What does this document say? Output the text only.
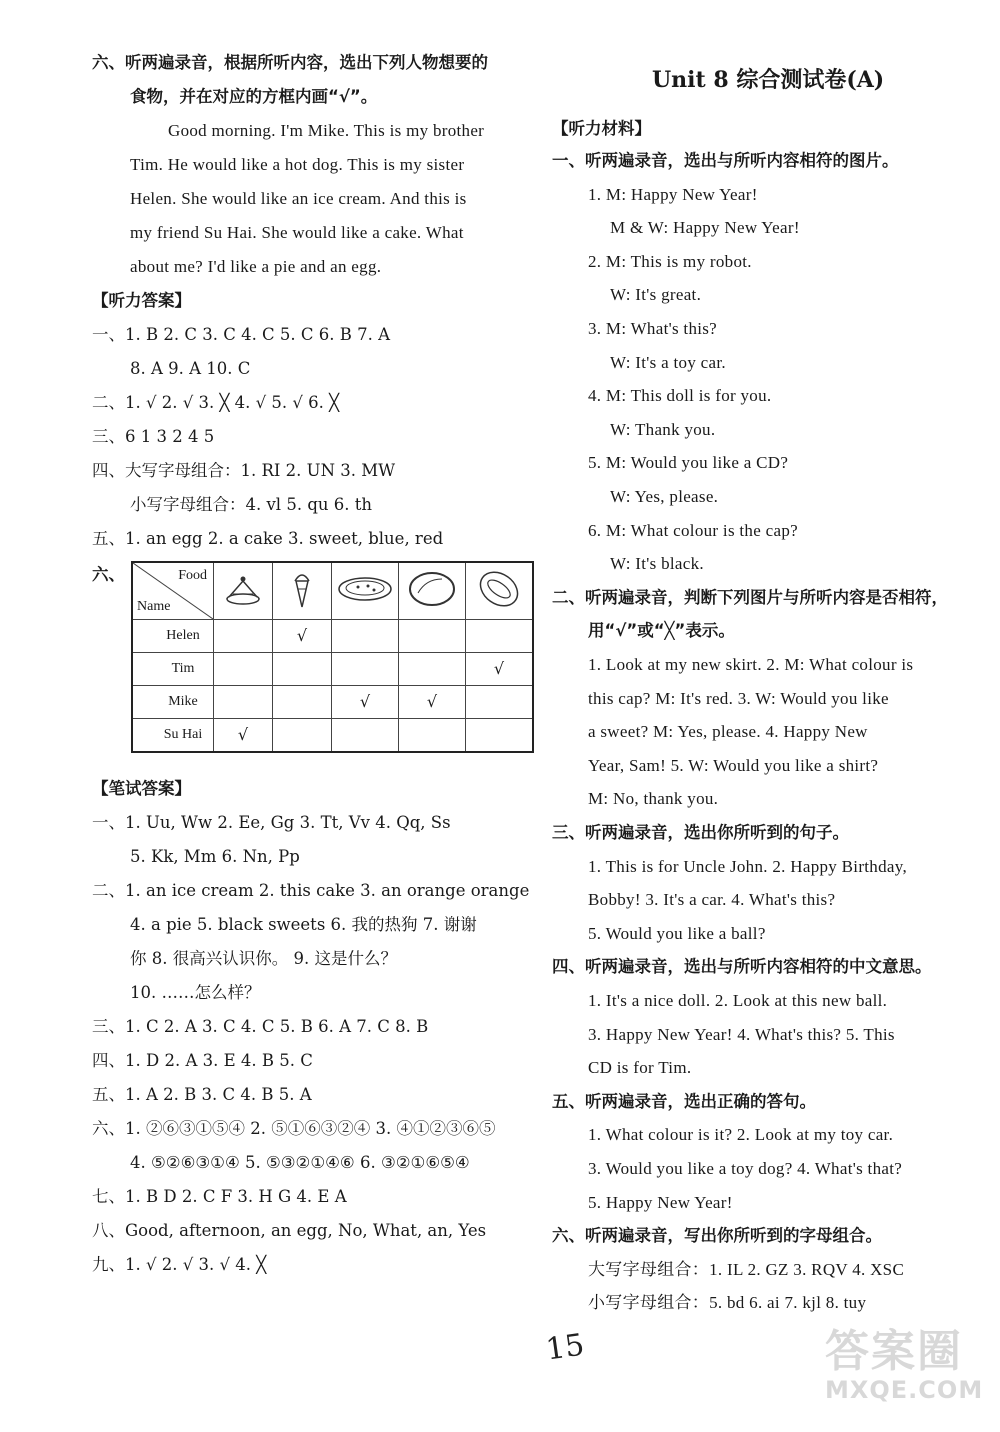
六、听两遍录音，根据所听内容，选出下列人物想要的
食物，并在对应的方框内画“√”。
Good morning. I'm Mike. This is my brother
Tim. He would like a hot dog. This is my sister
Helen. She would like an ice cream. And this is
my friend Su Hai. She would like a cake. What
about me? I'd like a pie and an egg.
【听力答案】
一、1. B 2. C 3. C 4. C 5. C 6. B 7. A
8. A 9. A 10. C
二、1. √ 2. √ 3. ╳ 4. √ 5. √ 6. ╳
三、6 1 3 2 4 5
四、大写字母组合：1. RI 2. UN 3. MW
小写字母组合：4. vl 5. qu 6. th
五、1. an egg 2. a cake 3. sweet, blue, red
【笔试答案】
一、1. Uu, Ww 2. Ee, Gg 3. Tt, Vv 4. Qq, Ss
5. Kk, Mm 6. Nn, Pp
二、1. an ice cream 2. this cake 3. an orange orange
4. a pie 5. black sweets 6. 我的热狗 7. 谢谢
你 8. 很高兴认识你。 9. 这是什么？
10. ……怎么样？
三、1. C 2. A 3. C 4. C 5. B 6. A 7. C 8. B
四、1. D 2. A 3. E 4. B 5. C
五、1. A 2. B 3. C 4. B 5. A
六、1. ②⑥③①⑤④ 2. ⑤①⑥③②④ 3. ④①②③⑥⑤
4. ⑤②⑥③①④ 5. ⑤③②①④⑥ 6. ③②①⑥⑤④
七、1. B D 2. C F 3. H G 4. E A
八、Good, afternoon, an egg, No, What, an, Yes
九、1. √ 2. √ 3. √ 4. ╳
六、	Food
Name

Helen		√			

Tim					√

Mike			√	√	

Su Hai	√				
Unit 8 综合测试卷(A)
【听力材料】
一、听两遍录音，选出与所听内容相符的图片。
1. M: Happy New Year!
M & W: Happy New Year!
2. M: This is my robot.
W: It's great.
3. M: What's this?
W: It's a toy car.
4. M: This doll is for you.
W: Thank you.
5. M: Would you like a CD?
W: Yes, please.
6. M: What colour is the cap?
W: It's black.
二、听两遍录音，判断下列图片与所听内容是否相符，
用“√”或“╳”表示。
1. Look at my new skirt. 2. M: What colour is
this cap? M: It's red. 3. W: Would you like
a sweet? M: Yes, please. 4. Happy New
Year, Sam! 5. W: Would you like a shirt?
M: No, thank you.
三、听两遍录音，选出你所听到的句子。
1. This is for Uncle John. 2. Happy Birthday,
Bobby! 3. It's a car. 4. What's this?
5. Would you like a ball?
四、听两遍录音，选出与所听内容相符的中文意思。
1. It's a nice doll. 2. Look at this new ball.
3. Happy New Year! 4. What's this? 5. This
CD is for Tim.
五、听两遍录音，选出正确的答句。
1. What colour is it? 2. Look at my toy car.
3. Would you like a toy dog? 4. What's that?
5. Happy New Year!
六、听两遍录音，写出你所听到的字母组合。
大写字母组合：1. IL 2. GZ 3. RQV 4. XSC
小写字母组合：5. bd 6. ai 7. kjl 8. tuy
15	答案圈
MXQE.COM
